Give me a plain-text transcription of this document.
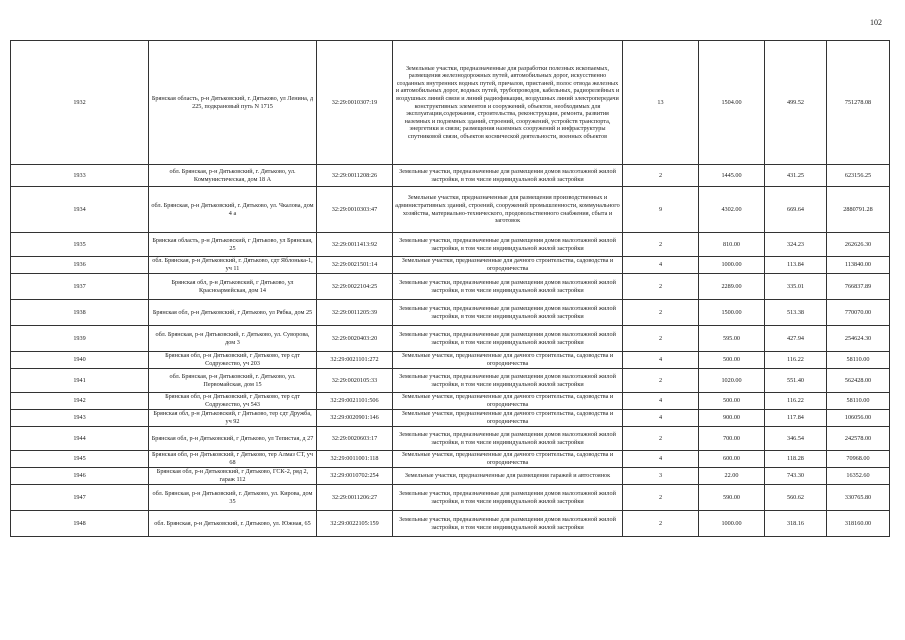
102
1932	Брянская область, р-н Дятьковский, г. Дятьково, ул Ленина, д 225, подкрановый путь N 1715	32:29:0010307:19	Земельные участки, предназначенные для разработки полезных ископаемых, размещения железнодорожных путей, автомобильных дорог, искусственно созданных внутренних водных путей, причалов, пристаней, полос отвода железных и автомобильных дорог, водных путей, трубопроводов, кабельных, радиорелейных и воздушных линий связи и линий радиофикации, воздушных линий электропередачи конструктивных элементов и сооружений, объектов, необходимых для эксплуатации,содержания, строительства, реконструкции, ремонта, развития наземных и подземных зданий, строений, сооружений, устройств транспорта, энергетики и связи; размещения наземных сооружений и инфраструктуры спутниковой связи, объектов космической деятельности, военных объектов	13	1504.00	499.52	751278.08
1933	обл. Брянская, р-н Дятьковский, г. Дятьково, ул. Коммунистическая, дом 18 А	32:29:0011208:26	Земельные участки, предназначенные для размещения домов малоэтажной жилой застройки, в том числе индивидуальной жилой застройки	2	1445.00	431.25	623156.25
1934	обл. Брянская, р-н Дятьковский, г. Дятьково, ул. Чкалова, дом 4 а	32:29:0010303:47	Земельные участки, предназначенные для размещения производственных и административных зданий, строений, сооружений промышленности, коммунального хозяйства, материально-технического, продовольственного снабжения, сбыта и заготовок	9	4302.00	669.64	2880791.28
1935	Брянская область, р-н Дятьковский, г Дятьково, ул Брянская, 25	32:29:0011413:92	Земельные участки, предназначенные для размещения домов малоэтажной жилой застройки, в том числе индивидуальной жилой застройки	2	810.00	324.23	262626.30
1936	обл. Брянская, р-н Дятьковский, г. Дятьково, сдт Яблонька-1, уч 11	32:29:0021501:14	Земельные участки, предназначенные для дачного строительства, садоводства и огородничества	4	1000.00	113.84	113840.00
1937	Брянская обл, р-н Дятьковский, г Дятьково, ул Красноармейская, дом 14	32:29:0022104:25	Земельные участки, предназначенные для размещения домов малоэтажной жилой застройки, в том числе индивидуальной жилой застройки	2	2289.00	335.01	766837.89
1938	Брянская обл, р-н Дятьковский, г Дятьково, ул Рябка, дом 25	32:29:0011205:39	Земельные участки, предназначенные для размещения домов малоэтажной жилой застройки, в том числе индивидуальной жилой застройки	2	1500.00	513.38	770070.00
1939	обл. Брянская, р-н Дятьковский, г. Дятьково, ул. Суворова, дом 3	32:29:0020403:20	Земельные участки, предназначенные для размещения домов малоэтажной жилой застройки, в том числе индивидуальной жилой застройки	2	595.00	427.94	254624.30
1940	Брянская обл, р-н Дятьковский, г Дятьково, тер сдт Содружество, уч 203	32:29:0021101:272	Земельные участки, предназначенные для дачного строительства, садоводства и огородничества	4	500.00	116.22	58110.00
1941	обл. Брянская, р-н Дятьковский, г. Дятьково, ул. Первомайская, дом 15	32:29:0020105:33	Земельные участки, предназначенные для размещения домов малоэтажной жилой застройки, в том числе индивидуальной жилой застройки	2	1020.00	551.40	562428.00
1942	Брянская обл, р-н Дятьковский, г Дятьково, тер сдт Содружество, уч 543	32:29:0021101:506	Земельные участки, предназначенные для дачного строительства, садоводства и огородничества	4	500.00	116.22	58110.00
1943	Брянская обл, р-н Дятьковский, г Дятьково, тер сдт Дружба, уч 92	32:29:0020901:146	Земельные участки, предназначенные для дачного строительства, садоводства и огородничества	4	900.00	117.84	106056.00
1944	Брянская обл, р-н Дятьковский, г Дятьково, ул Тепистая, д 27	32:29:0020603:17	Земельные участки, предназначенные для размещения домов малоэтажной жилой застройки, в том числе индивидуальной жилой застройки	2	700.00	346.54	242578.00
1945	Брянская обл, р-н Дятьковский, г Дятьково, тер Алмаз СТ, уч 68	32:29:0011001:118	Земельные участки, предназначенные для дачного строительства, садоводства и огородничества	4	600.00	118.28	70968.00
1946	Брянская обл, р-н Дятьковский, г Дятьково, ГСК-2, ряд 2, гараж 112	32:29:0010702:254	Земельные участки, предназначенные для размещения гаражей и автостоянок	3	22.00	743.30	16352.60
1947	обл. Брянская, р-н Дятьковский, г. Дятьково, ул. Кирова, дом 35	32:29:0011206:27	Земельные участки, предназначенные для размещения домов малоэтажной жилой застройки, в том числе индивидуальной жилой застройки	2	590.00	560.62	330765.80
1948	обл. Брянская, р-н Дятьковский, г. Дятьково, ул. Южная, 65	32:29:0022105:159	Земельные участки, предназначенные для размещения домов малоэтажной жилой застройки, в том числе индивидуальной жилой застройки	2	1000.00	318.16	318160.00
